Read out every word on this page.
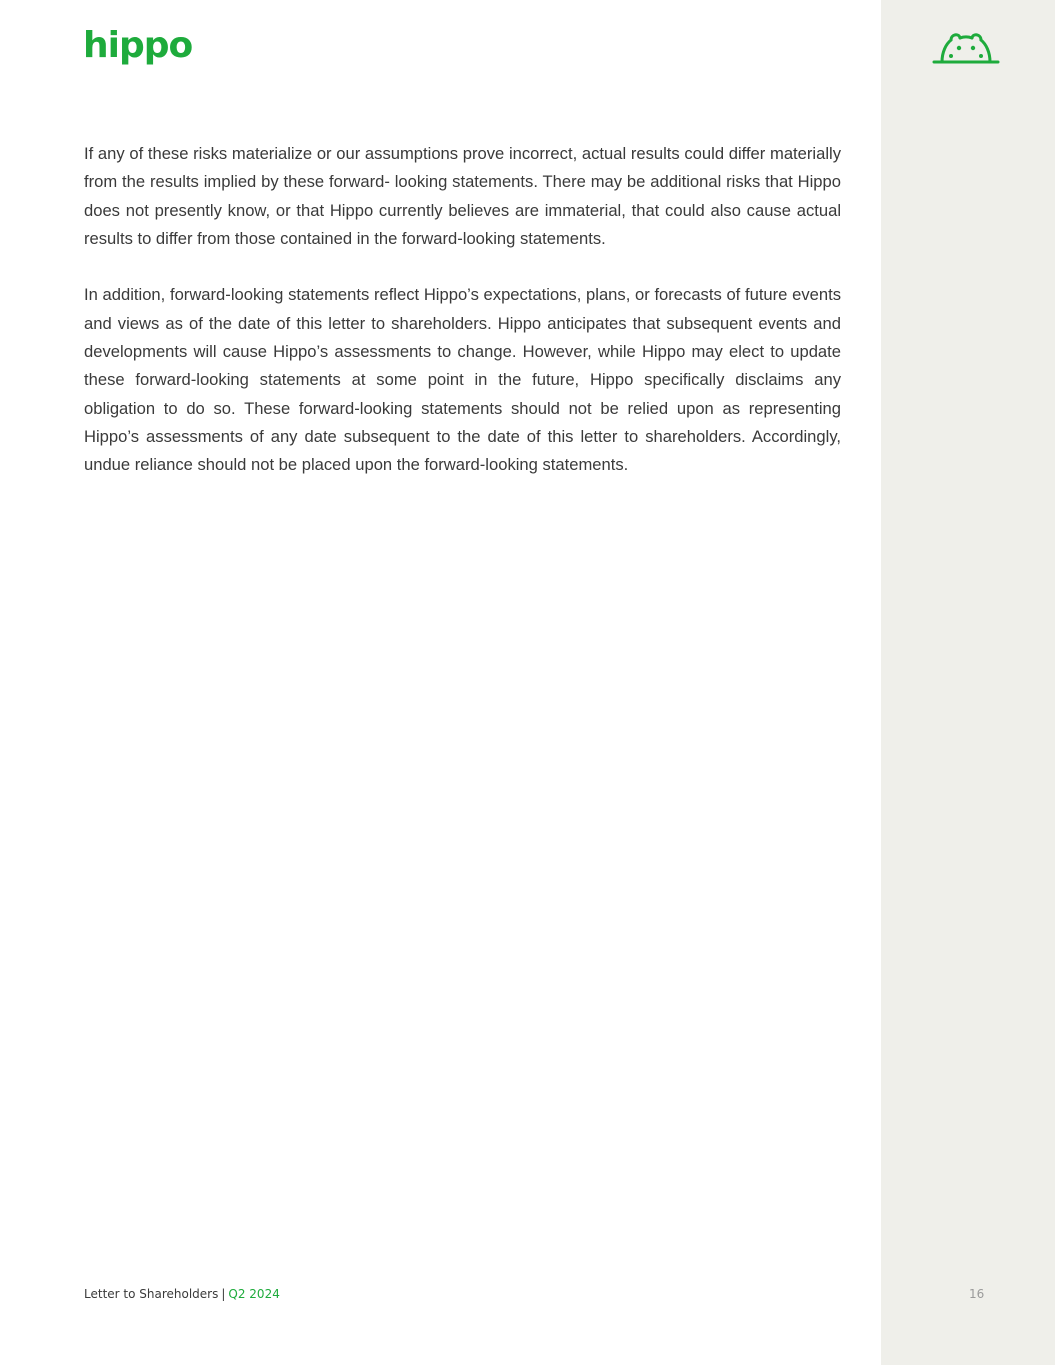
hippo

If any of these risks materialize or our assumptions prove incorrect, actual results could differ materially from the results implied by these forward- looking statements. There may be additional risks that Hippo does not presently know, or that Hippo currently believes are immaterial, that could also cause actual results to differ from those contained in the forward-looking statements.

In addition, forward-looking statements reflect Hippo’s expectations, plans, or forecasts of future events and views as of the date of this letter to shareholders. Hippo anticipates that subsequent events and developments will cause Hippo’s assessments to change. However, while Hippo may elect to update these forward-looking statements at some point in the future, Hippo specifically disclaims any obligation to do so. These forward-looking statements should not be relied upon as representing Hippo’s assessments of any date subsequent to the date of this letter to shareholders. Accordingly, undue reliance should not be placed upon the forward-looking statements.

Letter to Shareholders | Q2 2024	16
